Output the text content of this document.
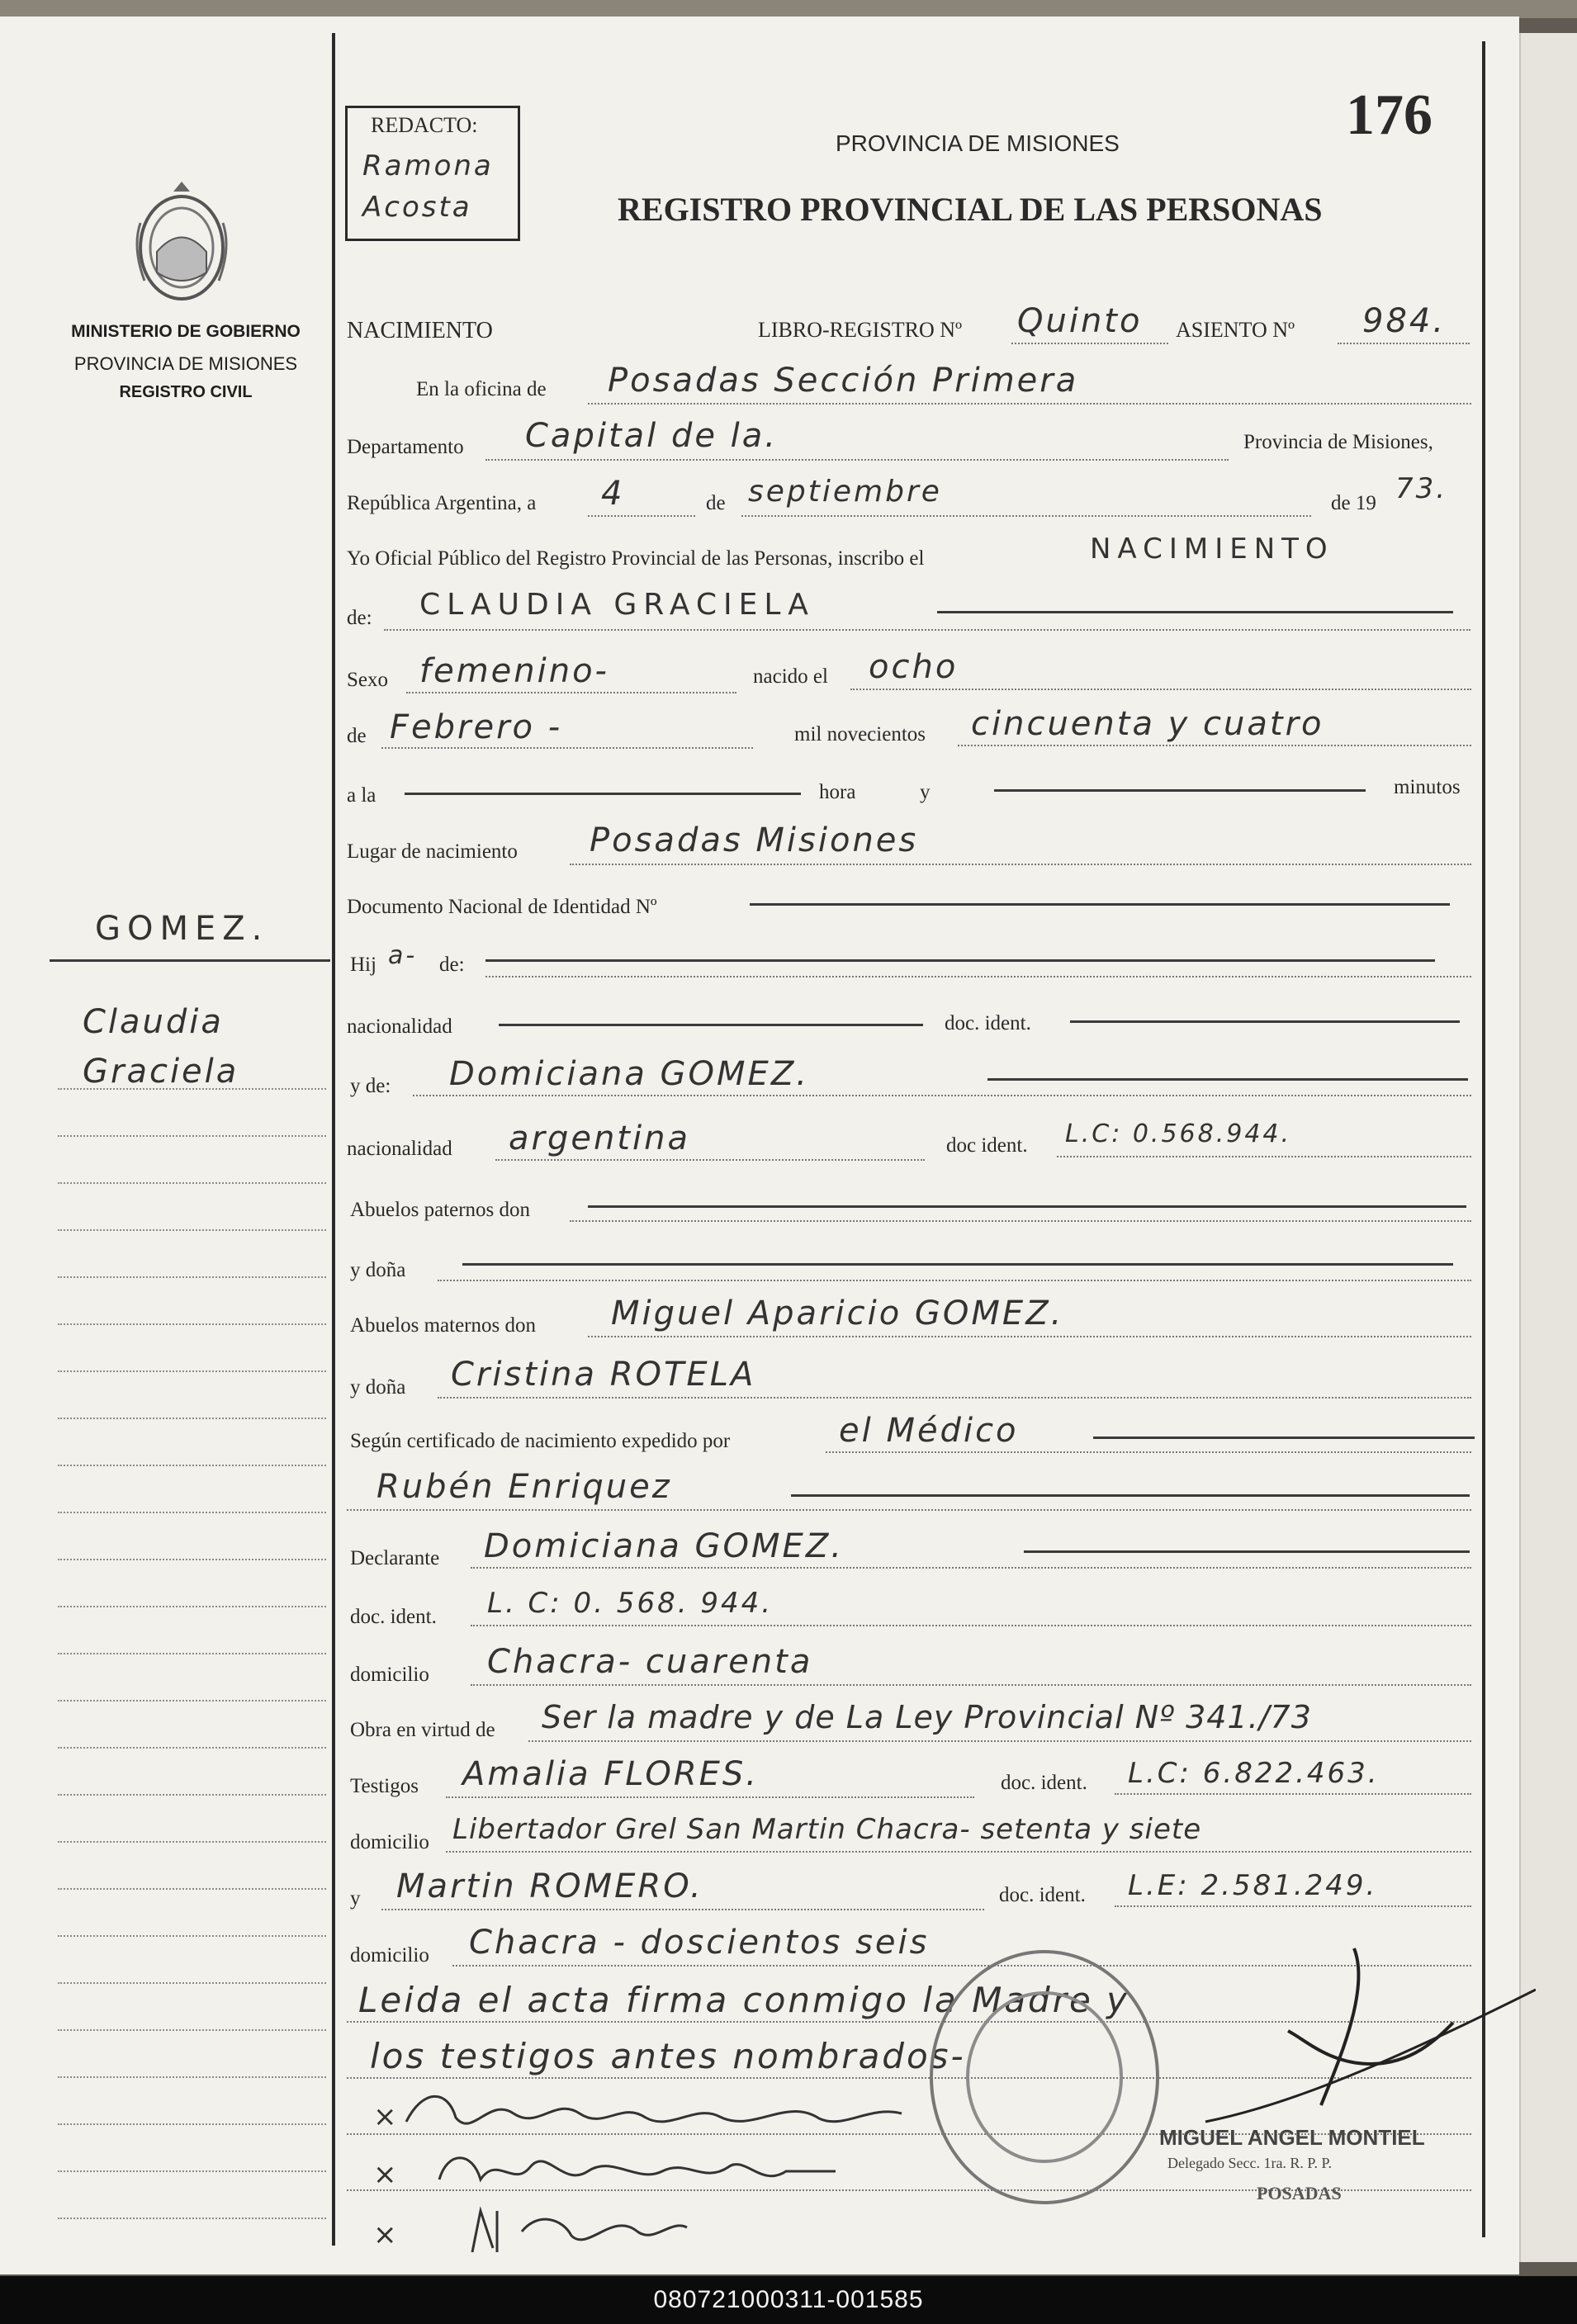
MINISTERIO DE GOBIERNO
PROVINCIA DE MISIONES
REGISTRO CIVIL
GOMEZ.
Claudia
Graciela
REDACTO:
Ramona
Acosta
PROVINCIA DE MISIONES
REGISTRO PROVINCIAL DE LAS PERSONAS
176
NACIMIENTO	LIBRO-REGISTRO Nº Quinto ASIENTO Nº 984.
En la oficina de Posadas Sección Primera
Departamento Capital de la.	Provincia de Misiones,
República Argentina, a 4	de septiembre	de 19 73.
Yo Oficial Público del Registro Provincial de las Personas, inscribo el	NACIMIENTO
de: CLAUDIA GRACIELA
Sexo femenino-	nacido el ocho
de Febrero -	mil novecientos cincuenta y cuatro
a la	hora	y	minutos
Lugar de nacimiento Posadas Misiones
Documento Nacional de Identidad Nº
Hij a- de:
nacionalidad	doc. ident.
y de: Domiciana GOMEZ.
nacionalidad argentina	doc ident. L.C: 0.568.944.
Abuelos paternos don
y doña
Abuelos maternos don Miguel Aparicio GOMEZ.
y doña Cristina ROTELA
Según certificado de nacimiento expedido por	el Médico
Rubén Enriquez
Declarante Domiciana GOMEZ.
doc. ident. L. C: 0. 568. 944.
domicilio Chacra- cuarenta
Obra en virtud de Ser la madre y de La Ley Provincial Nº 341./73
Testigos Amalia FLORES.	doc. ident. L.C: 6.822.463.
domicilio Libertador Grel San Martin Chacra- setenta y siete
y Martin ROMERO.	doc. ident. L.E: 2.581.249.
domicilio Chacra - doscientos seis
Leida el acta firma conmigo la Madre y
los testigos antes nombrados-
×
×
×
MIGUEL ANGEL MONTIEL
Delegado Secc. 1ra. R. P. P.
POSADAS
080721000311-001585
